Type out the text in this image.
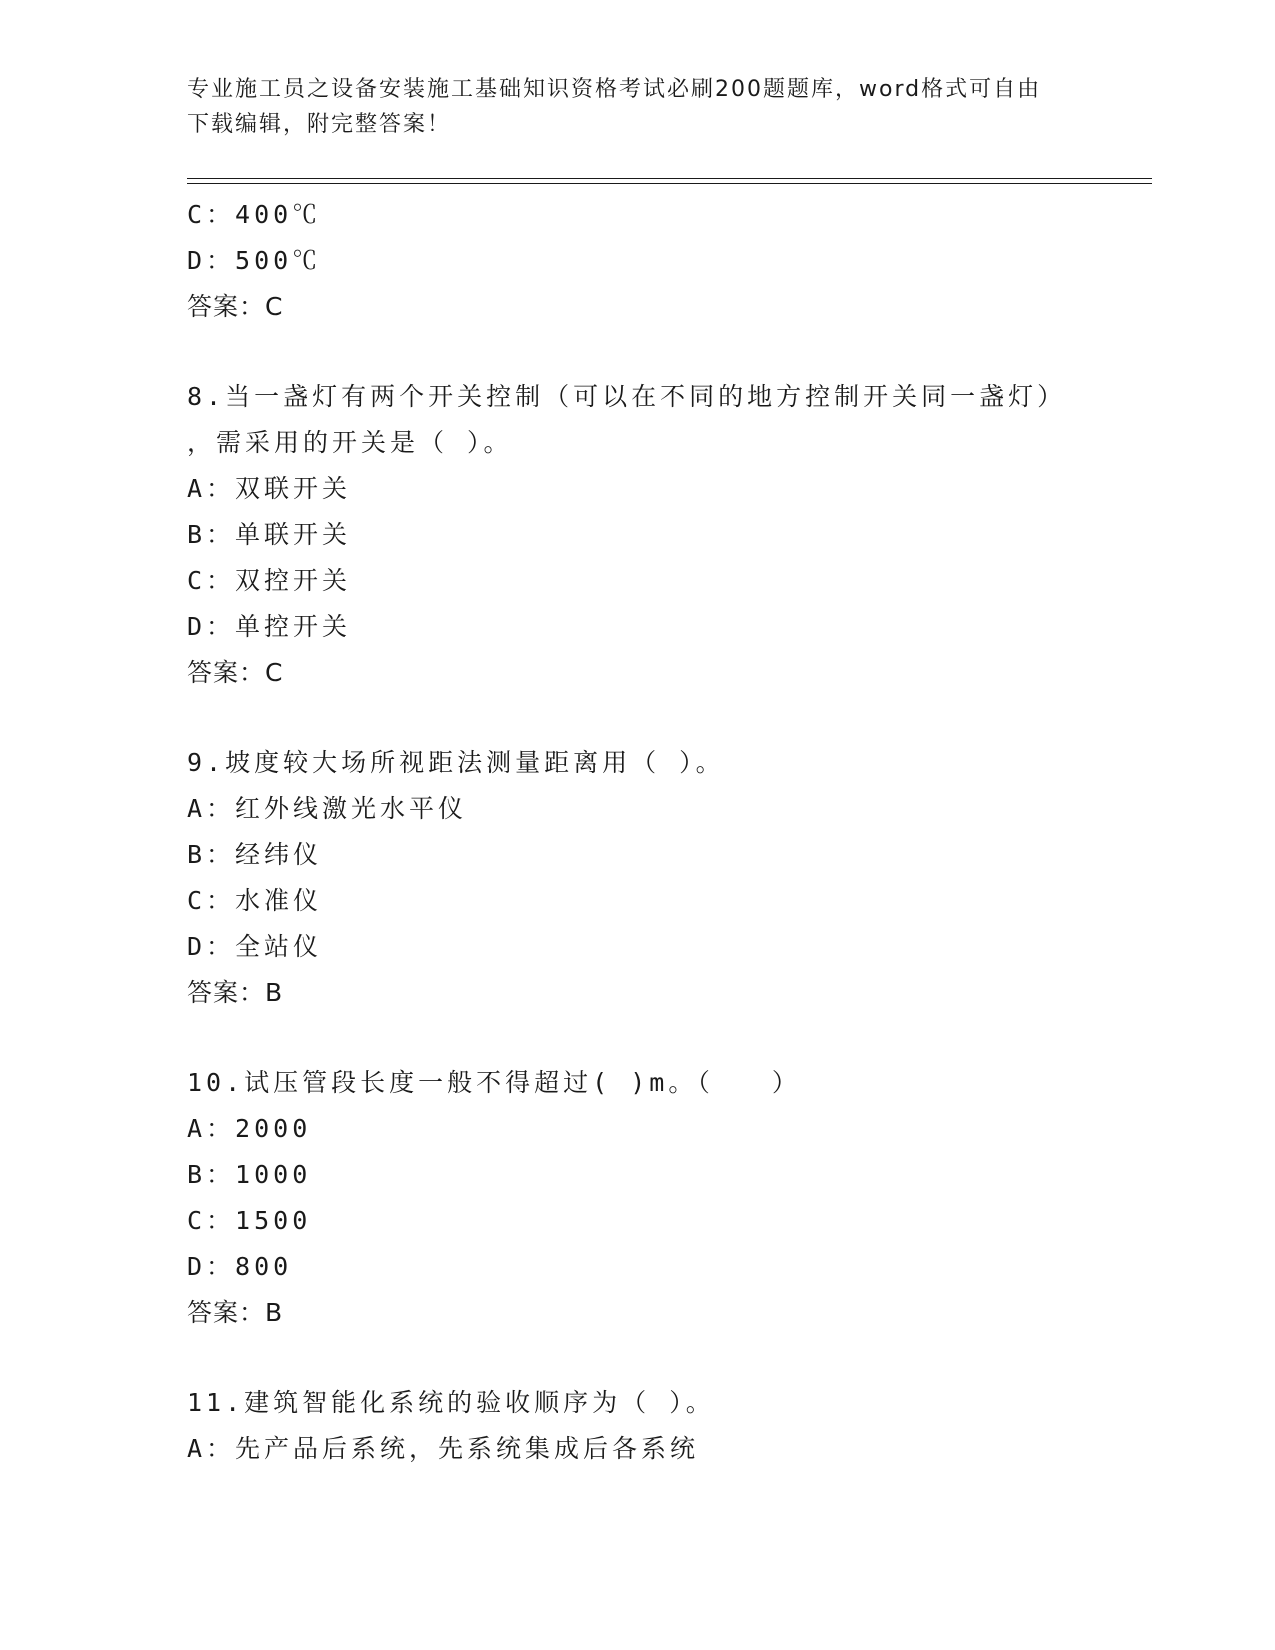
专业施工员之设备安装施工基础知识资格考试必刷200题题库，word格式可自由
下载编辑，附完整答案！
C：400℃
D：500℃
答案：C
8.当一盏灯有两个开关控制（可以在不同的地方控制开关同一盏灯）
，需采用的开关是（ ）。
A：双联开关
B：单联开关
C：双控开关
D：单控开关
答案：C
9.坡度较大场所视距法测量距离用（ ）。
A：红外线激光水平仪
B：经纬仪
C：水准仪
D：全站仪
答案：B
10.试压管段长度一般不得超过( )m。（　　）
A：2000
B：1000
C：1500
D：800
答案：B
11.建筑智能化系统的验收顺序为（ ）。
A：先产品后系统，先系统集成后各系统
